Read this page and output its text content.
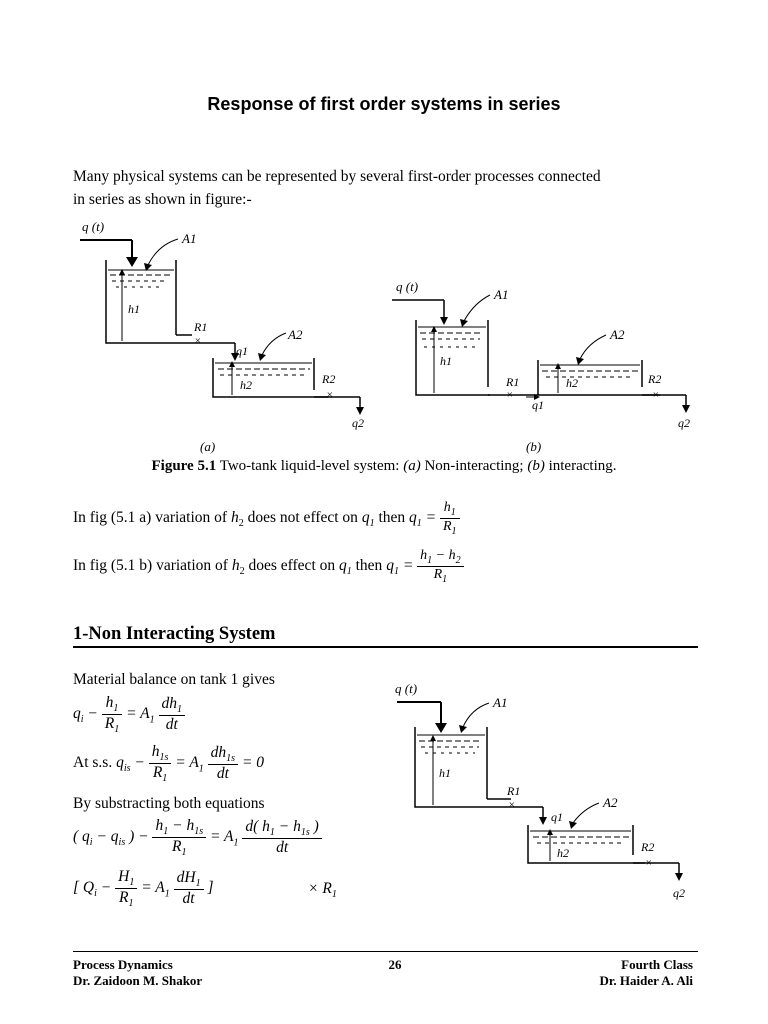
Response of first order systems in series
Many physical systems can be represented by several first-order processes connected
in series as shown in figure:-
q (t)
A1
h1
R1
×
q1
A2
h2	R2
×
q2
(a)
q (t)
A1
h1
R1
×
q1
A2
h2	R2
×
q2
(b)
Figure 5.1 Two-tank liquid-level system: (a) Non-interacting; (b) interacting.
In fig (5.1 a) variation of $h_2$ does not effect on $q_1$ then $q_1 = \frac{h_1}{R_1}$
In fig (5.1 b) variation of $h_2$ does effect on $q_1$ then $q_1 = \frac{h_1 - h_2}{R_1}$
1-Non Interacting System
Material balance on tank 1 gives
$q_i - \frac{h_1}{R_1} = A_1 \frac{dh_1}{dt}$
At s.s. $q_{is} - \frac{h_{1s}}{R_1} = A_1 \frac{dh_{1s}}{dt} = 0$
By substracting both equations
( $q_i - q_{is}$ ) − $\frac{h_1 - h_{1s}}{R_1} = A_1 \frac{d( h_1 - h_{1s} )}{dt}$
[ $Q_i - \frac{H_1}{R_1} = A_1 \frac{dH_1}{dt}$ ]	× $R_1$
q (t)
A1
h1
R1
×
q1
A2
h2	R2
×
q2
Process Dynamics
Dr. Zaidoon M. Shakor
26	Fourth Class
Dr. Haider A. Ali
